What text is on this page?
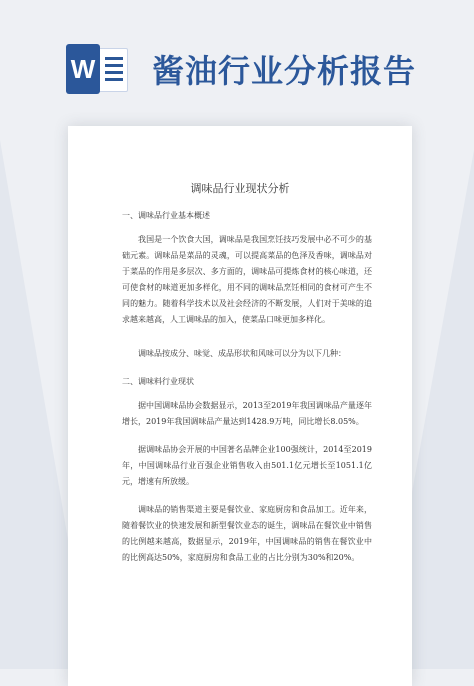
W 酱油行业分析报告
调味品行业现状分析
一、调味品行业基本概述
我国是一个饮食大国，调味品是我国烹饪技巧发展中必不可少的基础元素。调味品是菜品的灵魂，可以提高菜品的色泽及香味，调味品对于菜品的作用是多层次、多方面的，调味品可提炼食材的核心味道，还可使食材的味道更加多样化，用不同的调味品烹饪相同的食材可产生不同的魅力。随着科学技术以及社会经济的不断发展，人们对于美味的追求越来越高，人工调味品的加入，使菜品口味更加多样化。
调味品按成分、味觉、成品形状和风味可以分为以下几种：
二、调味料行业现状
据中国调味品协会数据显示，2013至2019年我国调味品产量逐年增长，2019年我国调味品产量达到1428.9万吨，同比增长8.05%。
据调味品协会开展的中国著名品牌企业100强统计，2014至2019年，中国调味品行业百强企业销售收入由501.1亿元增长至1051.1亿元，增速有所放缓。
调味品的销售渠道主要是餐饮业、家庭厨房和食品加工。近年来，随着餐饮业的快速发展和新型餐饮业态的诞生，调味品在餐饮业中销售的比例越来越高，数据显示，2019年，中国调味品的销售在餐饮业中的比例高达50%，家庭厨房和食品工业的占比分别为30%和20%。
